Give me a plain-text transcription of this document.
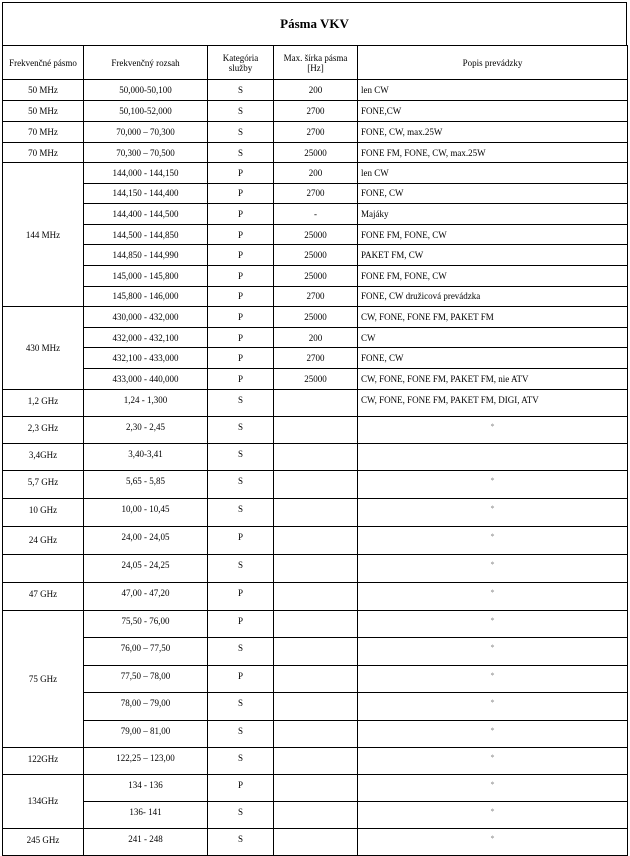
Pásma VKV
Frekvenčné pásmo	Frekvenčný rozsah	Kategória služby	Max. šírka pásma [Hz]	Popis prevádzky
50 MHz	50,000-50,100	S	200	len CW
50 MHz	50,100-52,000	S	2700	FONE,CW
70 MHz	70,000 – 70,300	S	2700	FONE, CW, max.25W
70 MHz	70,300 – 70,500	S	25000	FONE FM, FONE, CW, max.25W
144 MHz	144,000 - 144,150	P	200	len CW
	144,150 - 144,400	P	2700	FONE, CW
	144,400 - 144,500	P	-	Majáky
	144,500 - 144,850	P	25000	FONE FM, FONE, CW
	144,850 - 144,990	P	25000	PAKET FM, CW
	145,000 - 145,800	P	25000	FONE FM, FONE, CW
	145,800 - 146,000	P	2700	FONE, CW družicová prevádzka
430 MHz	430,000 - 432,000	P	25000	CW, FONE, FONE FM, PAKET FM
	432,000 - 432,100	P	200	CW
	432,100 - 433,000	P	2700	FONE, CW
	433,000 - 440,000	P	25000	CW, FONE, FONE FM, PAKET FM, nie ATV
1,2 GHz	1,24 - 1,300	S		CW, FONE, FONE FM, PAKET FM, DIGI, ATV
2,3 GHz	2,30 - 2,45	S		*
3,4GHz	3,40-3,41	S		
5,7 GHz	5,65 - 5,85	S		*
10 GHz	10,00 - 10,45	S		*
24 GHz	24,00 - 24,05	P		*
	24,05 - 24,25	S		*
47 GHz	47,00 - 47,20	P		*
75 GHz	75,50 - 76,00	P		*
	76,00 – 77,50	S		*
	77,50 – 78,00	P		*
	78,00 – 79,00	S		*
	79,00 – 81,00	S		*
122GHz	122,25 – 123,00	S		*
134GHz	134 - 136	P		*
	136- 141	S		*
245 GHz	241 - 248	S		*
